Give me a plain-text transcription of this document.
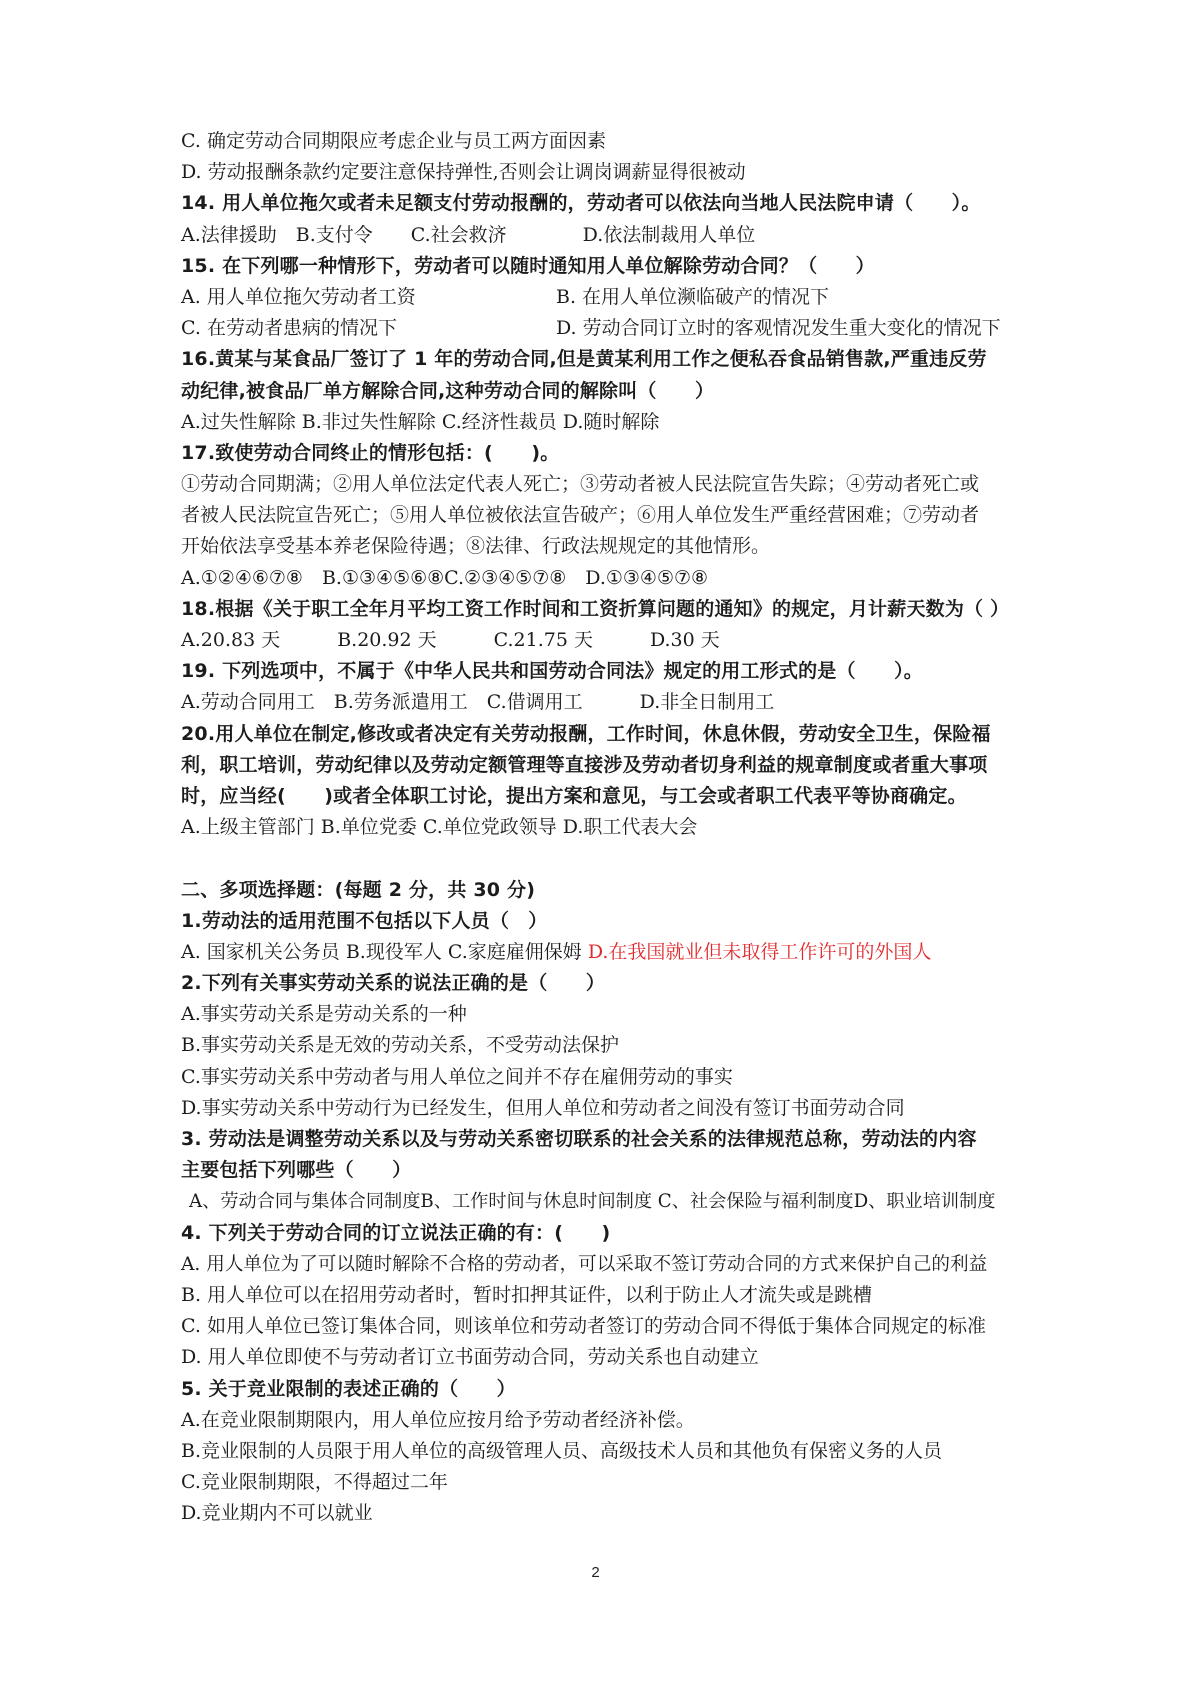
C. 确定劳动合同期限应考虑企业与员工两方面因素
D. 劳动报酬条款约定要注意保持弹性,否则会让调岗调薪显得很被动
14. 用人单位拖欠或者未足额支付劳动报酬的，劳动者可以依法向当地人民法院申请（　　）。
A.法律援助　B.支付令　　C.社会救济　　　　D.依法制裁用人单位
15. 在下列哪一种情形下，劳动者可以随时通知用人单位解除劳动合同？（　　）
A. 用人单位拖欠劳动者工资	B. 在用人单位濒临破产的情况下
C. 在劳动者患病的情况下	D. 劳动合同订立时的客观情况发生重大变化的情况下
16.黄某与某食品厂签订了 1 年的劳动合同,但是黄某利用工作之便私吞食品销售款,严重违反劳
动纪律,被食品厂单方解除合同,这种劳动合同的解除叫（　　）
A.过失性解除 B.非过失性解除 C.经济性裁员 D.随时解除
17.致使劳动合同终止的情形包括：(　　)。
①劳动合同期满；②用人单位法定代表人死亡；③劳动者被人民法院宣告失踪；④劳动者死亡或
者被人民法院宣告死亡；⑤用人单位被依法宣告破产；⑥用人单位发生严重经营困难；⑦劳动者
开始依法享受基本养老保险待遇；⑧法律、行政法规规定的其他情形。
A.①②④⑥⑦⑧　B.①③④⑤⑥⑧C.②③④⑤⑦⑧　D.①③④⑤⑦⑧
18.根据《关于职工全年月平均工资工作时间和工资折算问题的通知》的规定，月计薪天数为（ ）
A.20.83 天　　　B.20.92 天　　　C.21.75 天　　　D.30 天
19. 下列选项中，不属于《中华人民共和国劳动合同法》规定的用工形式的是（　　）。
A.劳动合同用工　B.劳务派遣用工　C.借调用工　　　D.非全日制用工
20.用人单位在制定,修改或者决定有关劳动报酬，工作时间，休息休假，劳动安全卫生，保险福
利，职工培训，劳动纪律以及劳动定额管理等直接涉及劳动者切身利益的规章制度或者重大事项
时，应当经(　　)或者全体职工讨论，提出方案和意见，与工会或者职工代表平等协商确定。
A.上级主管部门 B.单位党委 C.单位党政领导 D.职工代表大会
二、多项选择题：(每题 2 分，共 30 分)
1.劳动法的适用范围不包括以下人员（　）
A. 国家机关公务员 B.现役军人 C.家庭雇佣保姆 D.在我国就业但未取得工作许可的外国人
2.下列有关事实劳动关系的说法正确的是（　　）
A.事实劳动关系是劳动关系的一种
B.事实劳动关系是无效的劳动关系，不受劳动法保护
C.事实劳动关系中劳动者与用人单位之间并不存在雇佣劳动的事实
D.事实劳动关系中劳动行为已经发生，但用人单位和劳动者之间没有签订书面劳动合同
3. 劳动法是调整劳动关系以及与劳动关系密切联系的社会关系的法律规范总称，劳动法的内容
主要包括下列哪些（　　）
A、劳动合同与集体合同制度B、工作时间与休息时间制度 C、社会保险与福利制度D、职业培训制度
4. 下列关于劳动合同的订立说法正确的有：(　　)
A. 用人单位为了可以随时解除不合格的劳动者，可以采取不签订劳动合同的方式来保护自己的利益
B. 用人单位可以在招用劳动者时，暂时扣押其证件，以利于防止人才流失或是跳槽
C. 如用人单位已签订集体合同，则该单位和劳动者签订的劳动合同不得低于集体合同规定的标准
D. 用人单位即使不与劳动者订立书面劳动合同，劳动关系也自动建立
5. 关于竞业限制的表述正确的（　　）
A.在竞业限制期限内，用人单位应按月给予劳动者经济补偿。
B.竞业限制的人员限于用人单位的高级管理人员、高级技术人员和其他负有保密义务的人员
C.竞业限制期限，不得超过二年
D.竞业期内不可以就业
2
